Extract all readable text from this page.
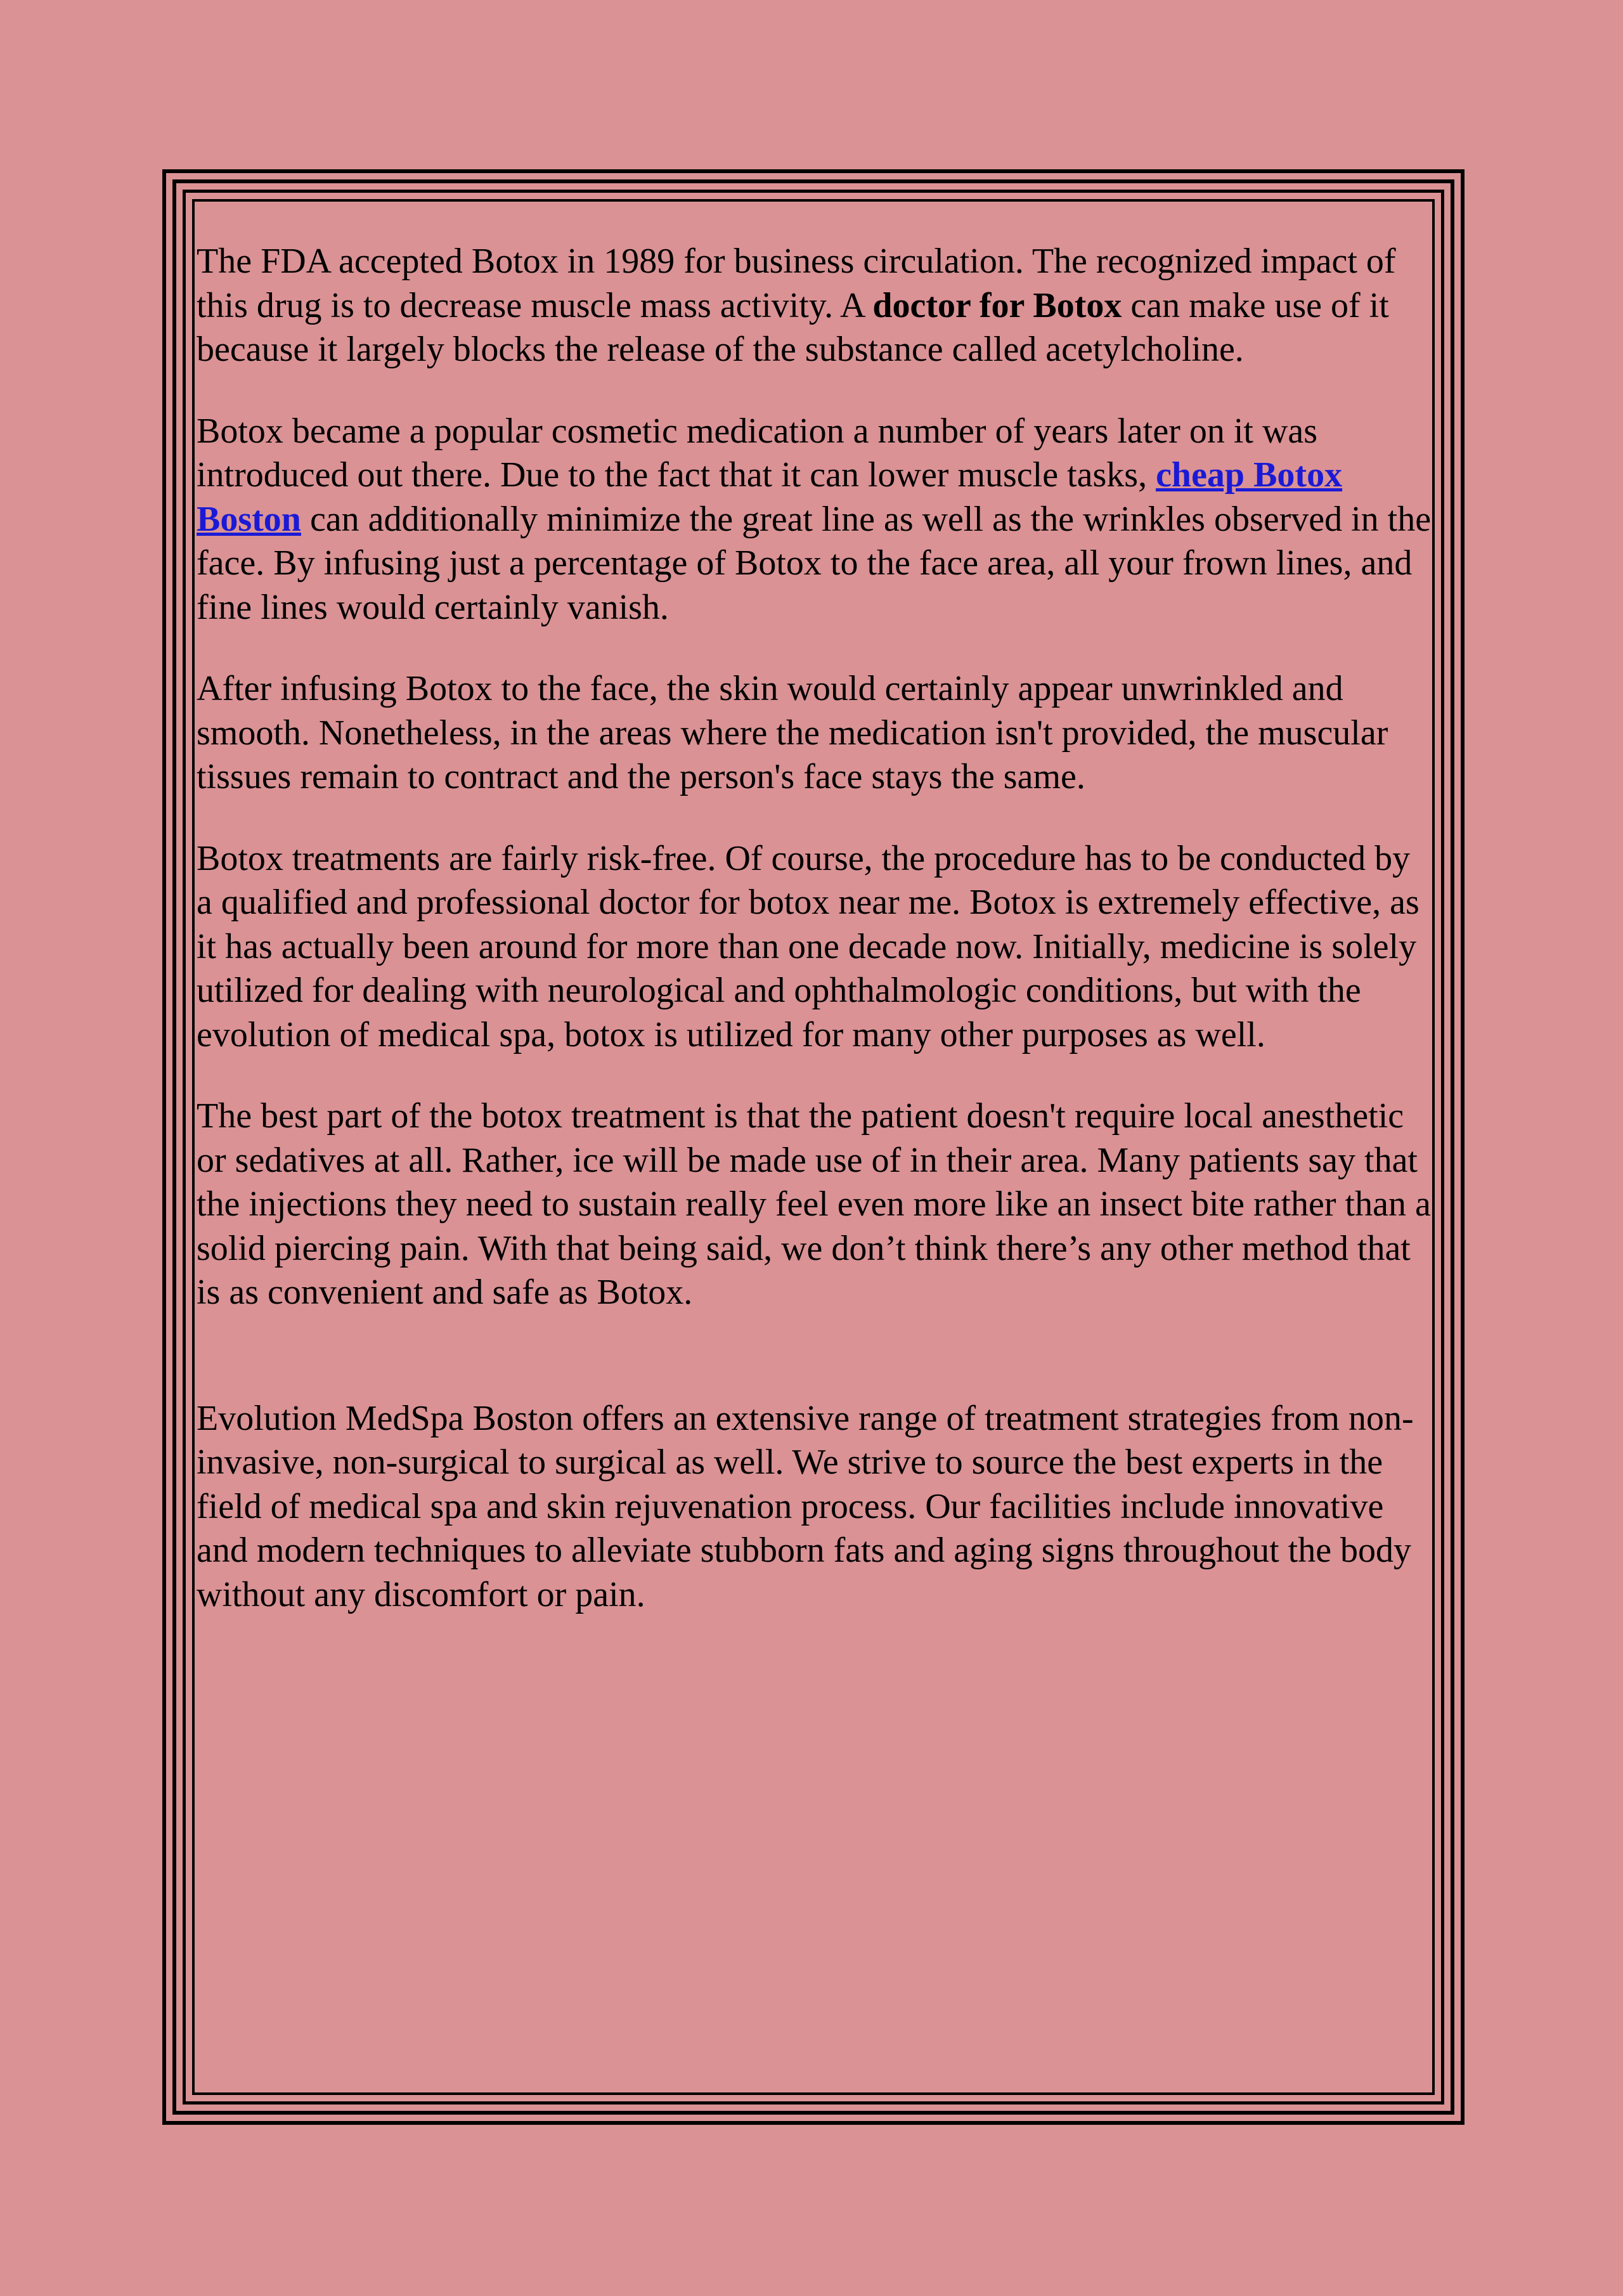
The FDA accepted Botox in 1989 for business circulation. The recognized impact of this drug is to decrease muscle mass activity. A doctor for Botox can make use of it because it largely blocks the release of the substance called acetylcholine.

Botox became a popular cosmetic medication a number of years later on it was introduced out there. Due to the fact that it can lower muscle tasks, cheap Botox Boston can additionally minimize the great line as well as the wrinkles observed in the face. By infusing just a percentage of Botox to the face area, all your frown lines, and fine lines would certainly vanish.

After infusing Botox to the face, the skin would certainly appear unwrinkled and smooth. Nonetheless, in the areas where the medication isn't provided, the muscular tissues remain to contract and the person's face stays the same.

Botox treatments are fairly risk-free. Of course, the procedure has to be conducted by a qualified and professional doctor for botox near me. Botox is extremely effective, as it has actually been around for more than one decade now. Initially, medicine is solely utilized for dealing with neurological and ophthalmologic conditions, but with the evolution of medical spa, botox is utilized for many other purposes as well.

The best part of the botox treatment is that the patient doesn't require local anesthetic or sedatives at all. Rather, ice will be made use of in their area. Many patients say that the injections they need to sustain really feel even more like an insect bite rather than a solid piercing pain. With that being said, we don’t think there’s any other method that is as convenient and safe as Botox.

Evolution MedSpa Boston offers an extensive range of treatment strategies from non-invasive, non-surgical to surgical as well. We strive to source the best experts in the field of medical spa and skin rejuvenation process. Our facilities include innovative and modern techniques to alleviate stubborn fats and aging signs throughout the body without any discomfort or pain.
